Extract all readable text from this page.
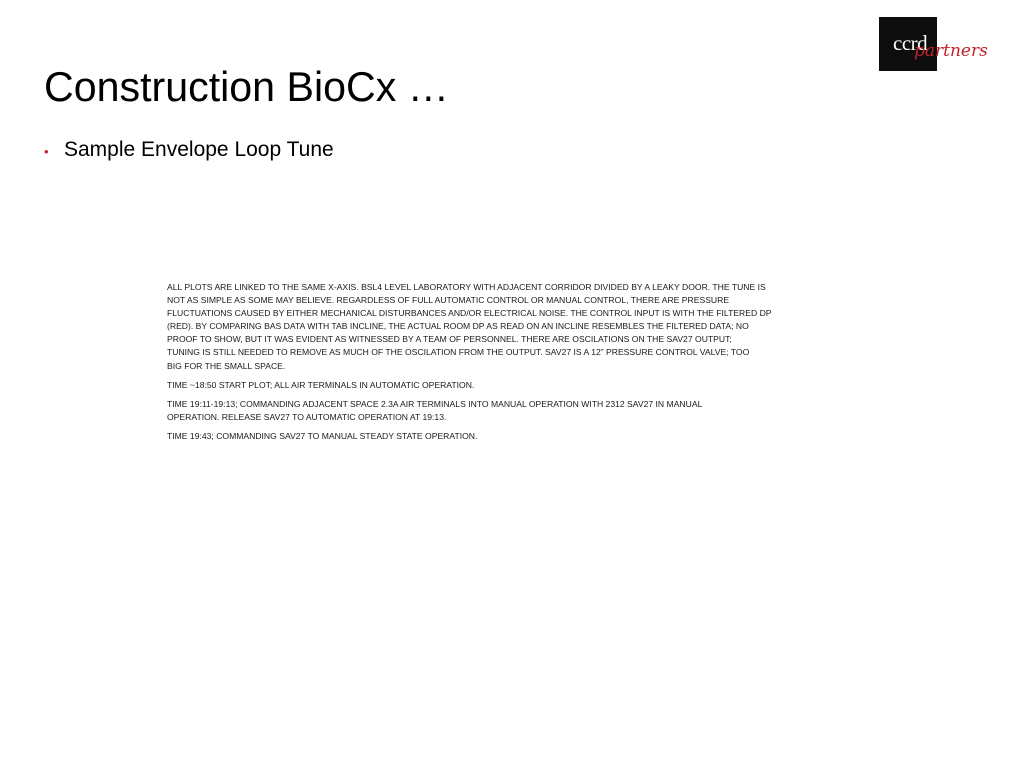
ccrd
partners
Construction BioCx …
• Sample Envelope Loop Tune

ALL PLOTS ARE LINKED TO THE SAME X-AXIS. BSL4 LEVEL LABORATORY WITH ADJACENT CORRIDOR DIVIDED BY A LEAKY DOOR. THE TUNE IS
NOT AS SIMPLE AS SOME MAY BELIEVE. REGARDLESS OF FULL AUTOMATIC CONTROL OR MANUAL CONTROL, THERE ARE PRESSURE
FLUCTUATIONS CAUSED BY EITHER MECHANICAL DISTURBANCES AND/OR ELECTRICAL NOISE. THE CONTROL INPUT IS WITH THE FILTERED DP
(RED). BY COMPARING BAS DATA WITH TAB INCLINE, THE ACTUAL ROOM DP AS READ ON AN INCLINE RESEMBLES THE FILTERED DATA; NO
PROOF TO SHOW, BUT IT WAS EVIDENT AS WITNESSED BY A TEAM OF PERSONNEL. THERE ARE OSCILATIONS ON THE SAV27 OUTPUT;
TUNING IS STILL NEEDED TO REMOVE AS MUCH OF THE OSCILATION FROM THE OUTPUT. SAV27 IS A 12” PRESSURE CONTROL VALVE; TOO
BIG FOR THE SMALL SPACE.

TIME ~18:50 START PLOT; ALL AIR TERMINALS IN AUTOMATIC OPERATION.

TIME 19:11-19:13; COMMANDING ADJACENT SPACE 2.3A AIR TERMINALS INTO MANUAL OPERATION WITH 2312 SAV27 IN MANUAL
OPERATION. RELEASE SAV27 TO AUTOMATIC OPERATION AT 19:13.

TIME 19:43; COMMANDING SAV27 TO MANUAL STEADY STATE OPERATION.
